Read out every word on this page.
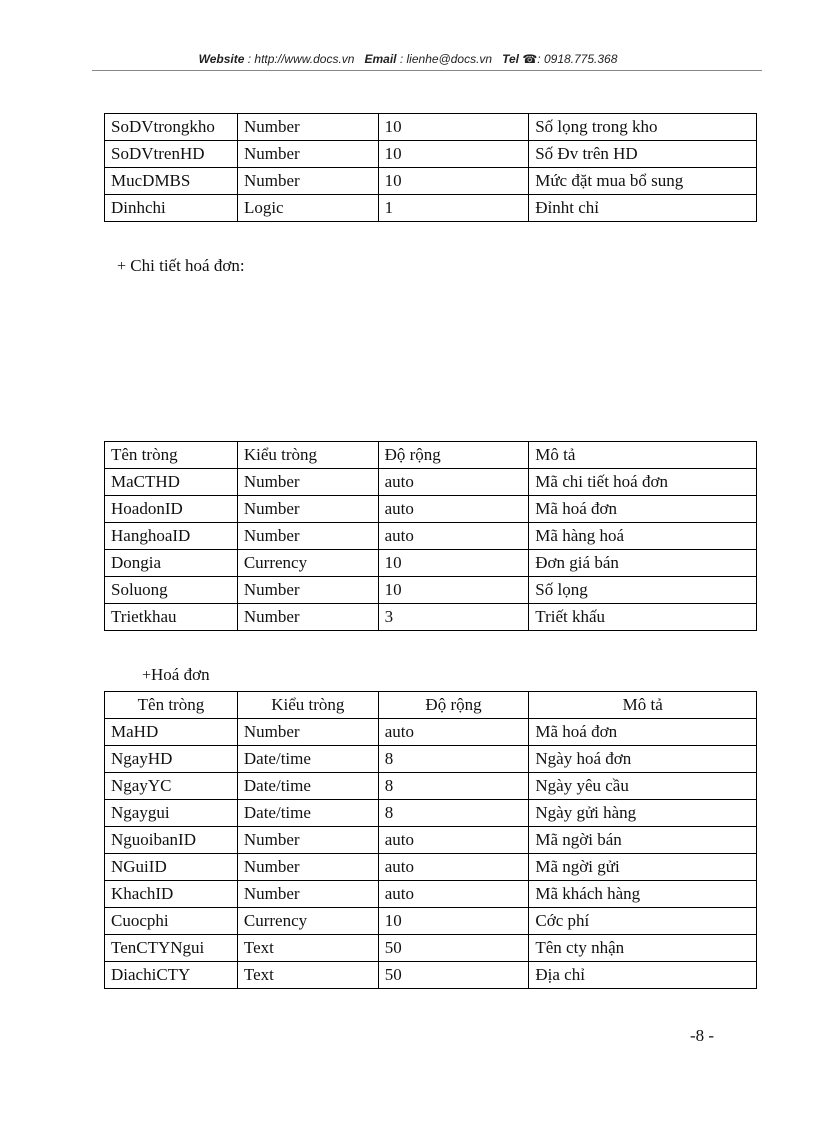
Website : http://www.docs.vn Email : lienhe@docs.vn Tel ☎: 0918.775.368
SoDVtrongkho	Number	10	Số lọng trong kho
SoDVtrenHD	Number	10	Số Đv trên HD
MucDMBS	Number	10	Mức đặt mua bổ sung
Dinhchi	Logic	1	Đỉnht chỉ
+ Chi tiết hoá đơn:
Tên tròng	Kiểu tròng	Độ rộng	Mô tả
MaCTHD	Number	auto	Mã chi tiết hoá đơn
HoadonID	Number	auto	Mã hoá đơn
HanghoaID	Number	auto	Mã hàng hoá
Dongia	Currency	10	Đơn giá bán
Soluong	Number	10	Số lọng
Trietkhau	Number	3	Triết khấu
+Hoá đơn
Tên tròng	Kiểu tròng	Độ rộng	Mô tả
MaHD	Number	auto	Mã hoá đơn
NgayHD	Date/time	8	Ngày hoá đơn
NgayYC	Date/time	8	Ngày yêu cầu
Ngaygui	Date/time	8	Ngày gửi hàng
NguoibanID	Number	auto	Mã ngời bán
NGuiID	Number	auto	Mã ngời gửi
KhachID	Number	auto	Mã khách hàng
Cuocphi	Currency	10	Cớc phí
TenCTYNgui	Text	50	Tên cty nhận
DiachiCTY	Text	50	Địa chỉ
-8 -
